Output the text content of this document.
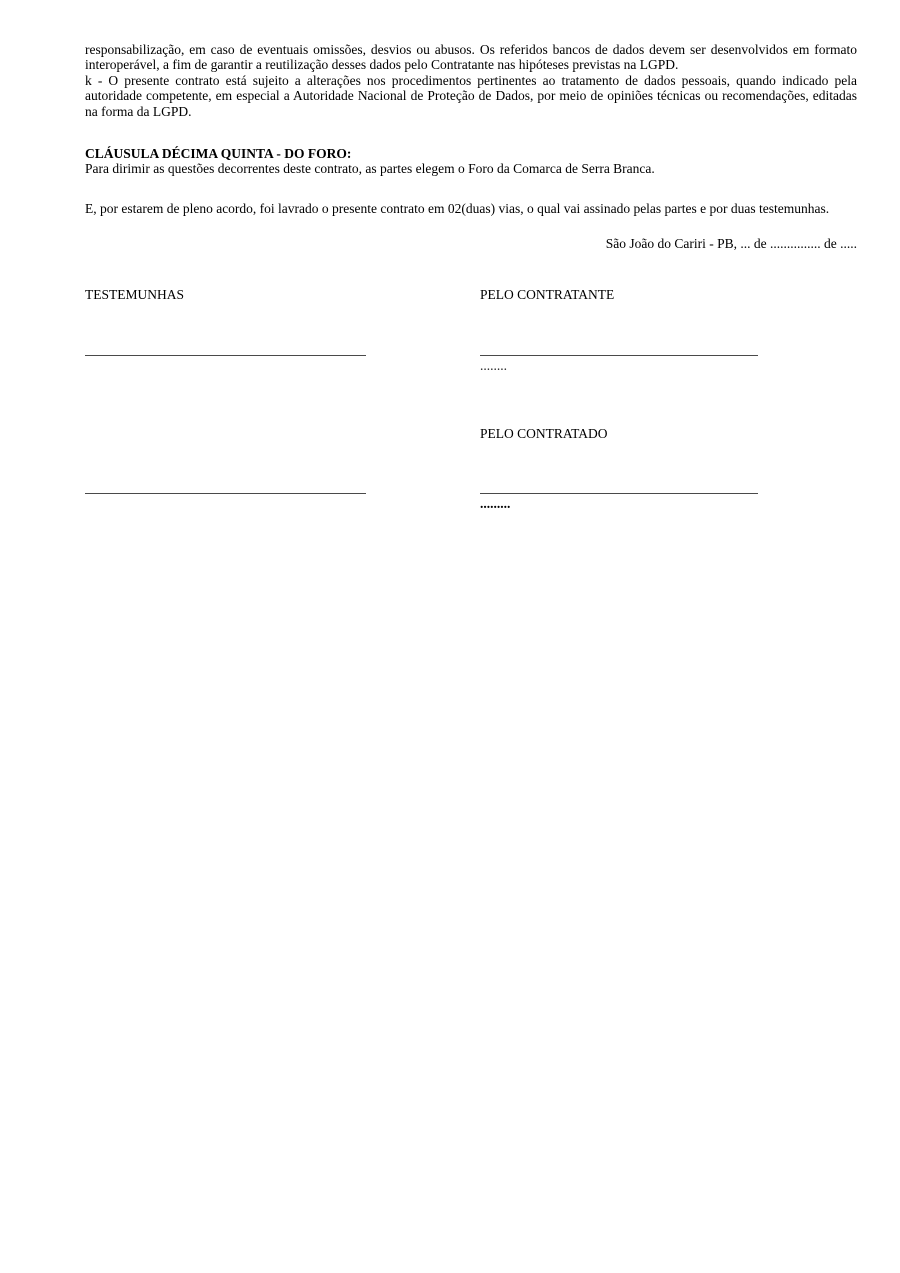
responsabilização, em caso de eventuais omissões, desvios ou abusos. Os referidos bancos de dados devem ser desenvolvidos em formato interoperável, a fim de garantir a reutilização desses dados pelo Contratante nas hipóteses previstas na LGPD.

k - O presente contrato está sujeito a alterações nos procedimentos pertinentes ao tratamento de dados pessoais, quando indicado pela autoridade competente, em especial a Autoridade Nacional de Proteção de Dados, por meio de opiniões técnicas ou recomendações, editadas na forma da LGPD.

CLÁUSULA DÉCIMA QUINTA - DO FORO:

Para dirimir as questões decorrentes deste contrato, as partes elegem o Foro da Comarca de Serra Branca.

E, por estarem de pleno acordo, foi lavrado o presente contrato em 02(duas) vias, o qual vai assinado pelas partes e por duas testemunhas.

São João do Cariri - PB, ... de ............... de .....

TESTEMUNHAS	PELO CONTRATANTE
........
PELO CONTRATADO
.........
